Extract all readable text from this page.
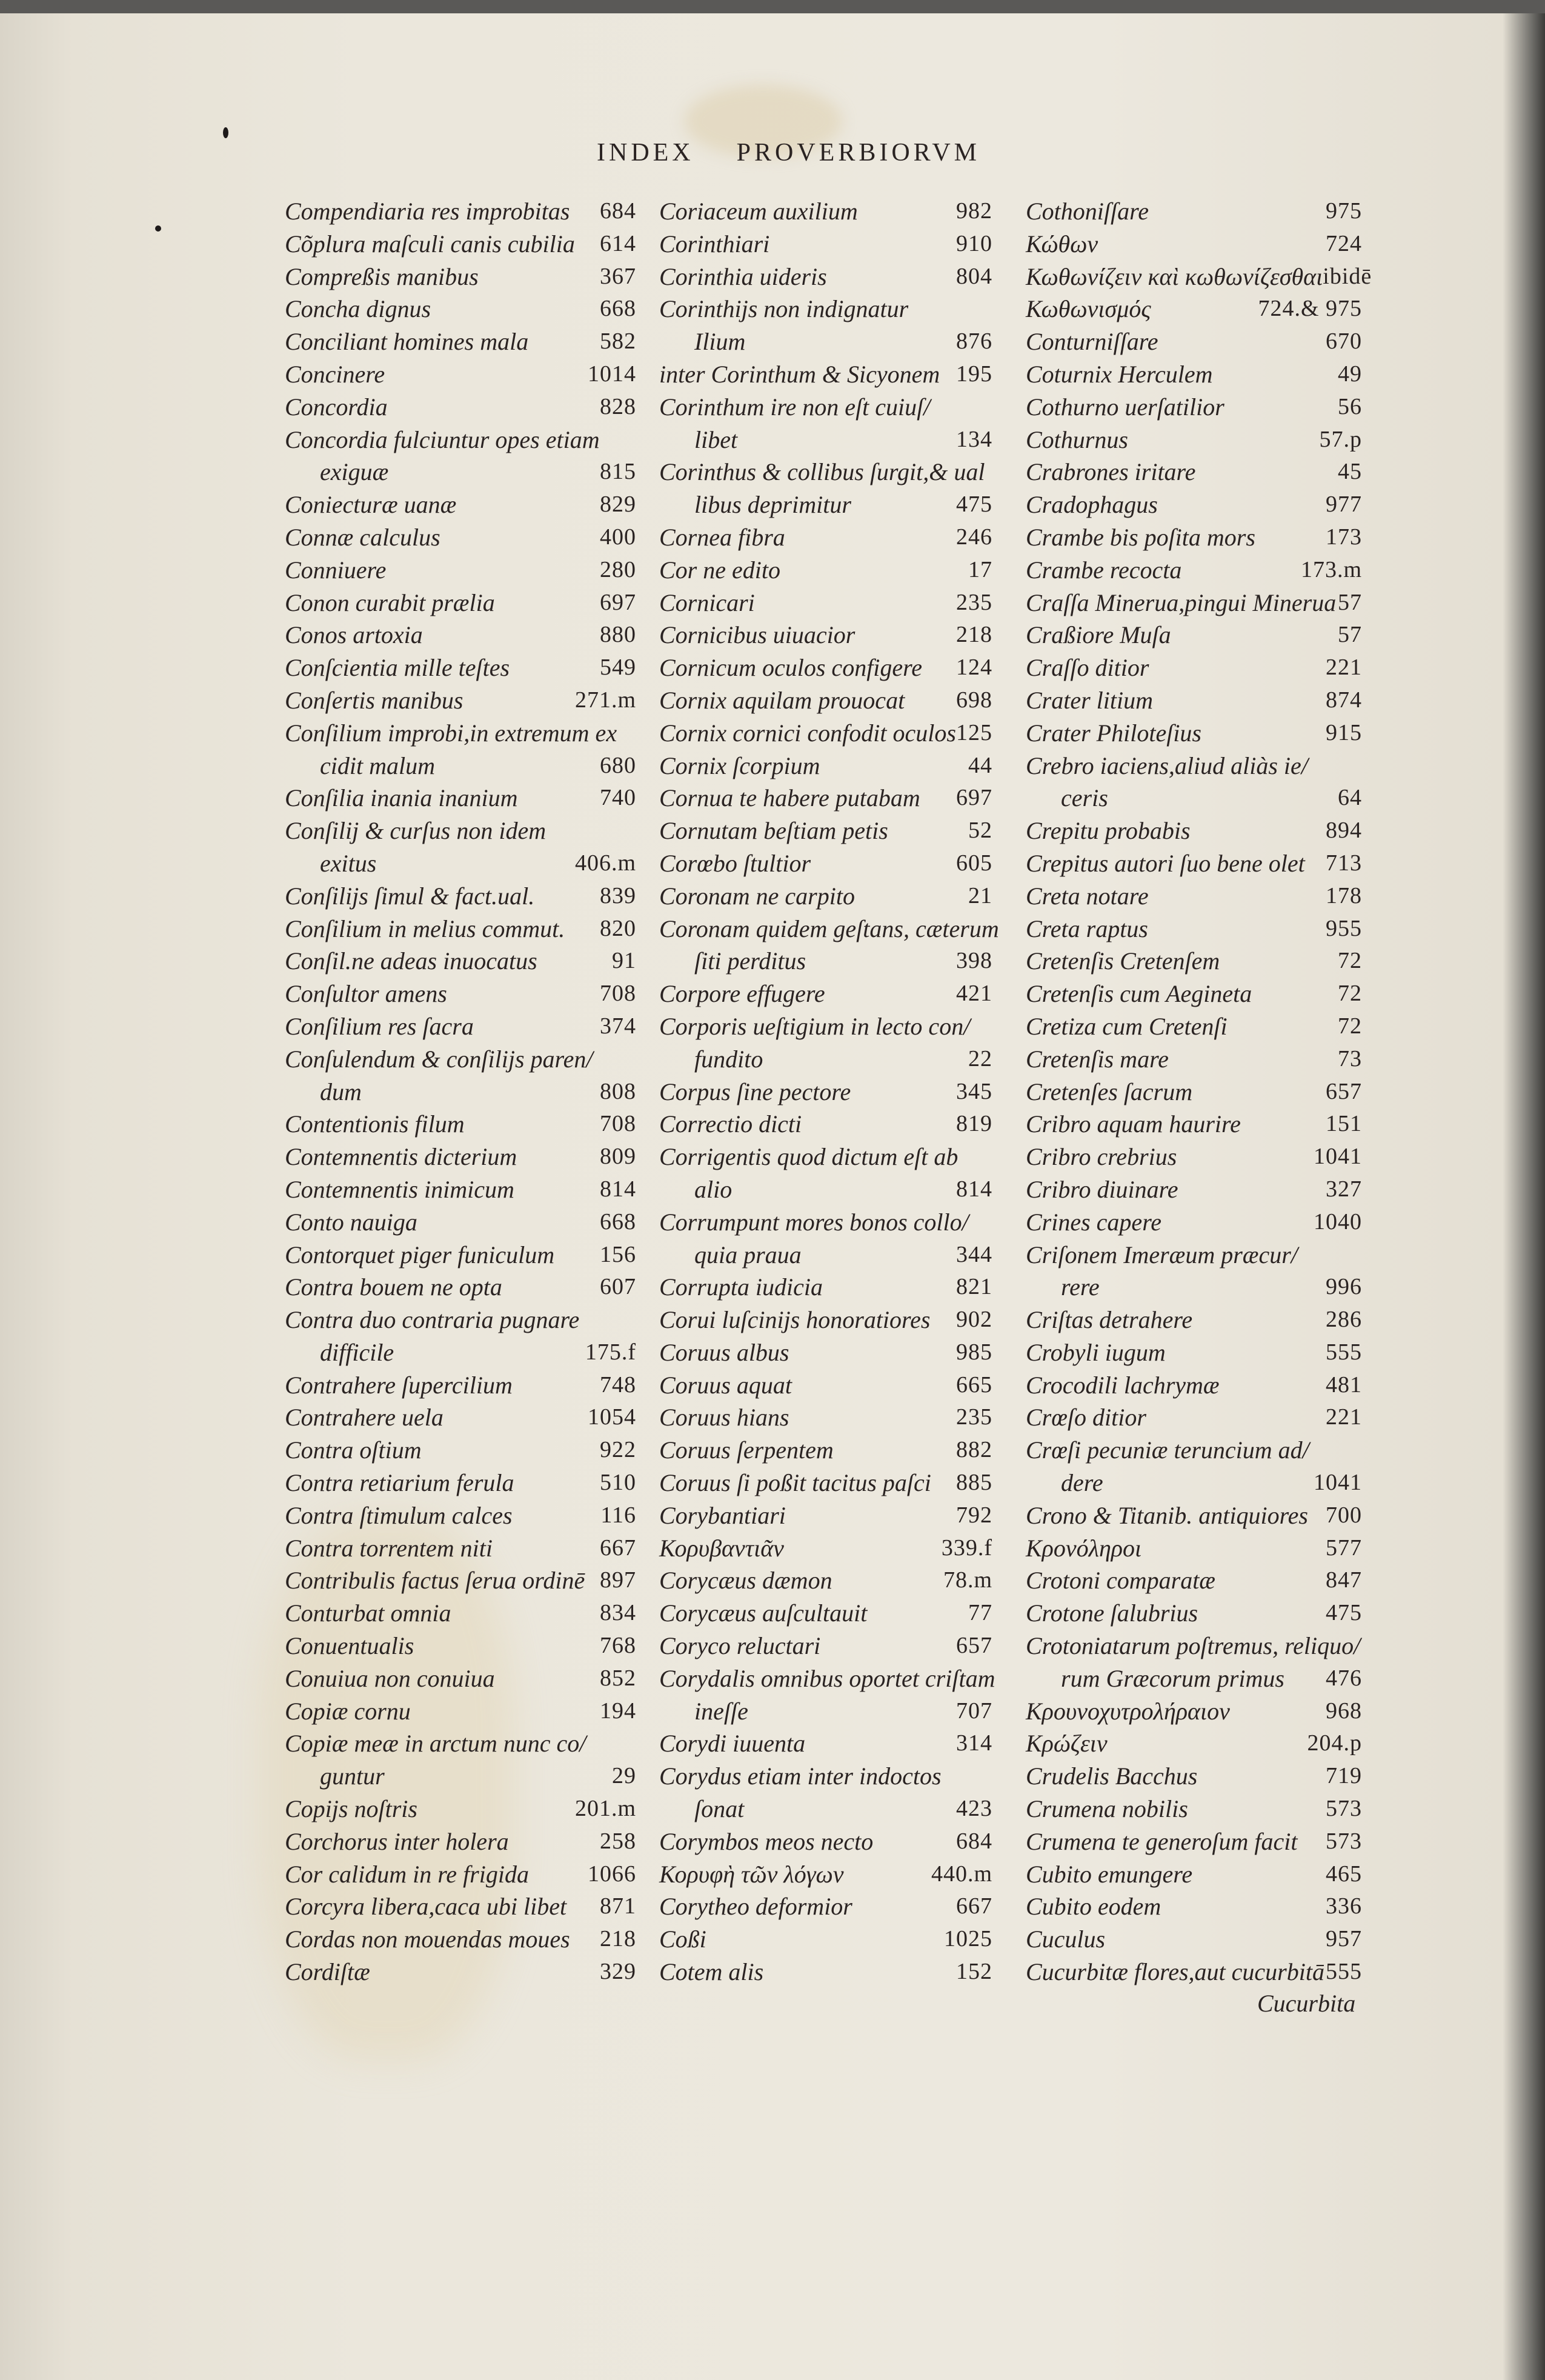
INDEX PROVERBIORVM
Compendiaria res improbitas 684
Cõplura maſculi canis cubilia 614
Compreßis manibus	367
Concha dignus	668
Conciliant homines mala	582
Concinere	1014
Concordia	828
Concordia fulciuntur opes etiam
exiguæ	815
Coniecturæ uanæ	829
Connæ calculus	400
Conniuere	280
Conon curabit prælia	697
Conos artoxia	880
Conſcientia mille teſtes	549
Conſertis manibus	271.m
Conſilium improbi,in extremum ex
cidit malum	680
Conſilia inania inanium	740
Conſilij & curſus non idem
exitus	406.m
Conſilijs ſimul & fact.ual.	839
Conſilium in melius commut. 820
Conſil.ne adeas inuocatus	91
Conſultor amens	708
Conſilium res ſacra	374
Conſulendum & conſilijs paren/
dum	808
Contentionis filum	708
Contemnentis dicterium	809
Contemnentis inimicum	814
Conto nauiga	668
Contorquet piger funiculum 156
Contra bouem ne opta	607
Contra duo contraria pugnare
difficile	175.f
Contrahere ſupercilium	748
Contrahere uela	1054
Contra oſtium	922
Contra retiarium ferula	510
Contra ſtimulum calces	116
Contra torrentem niti	667
Contribulis factus ſerua ordinē 897
Conturbat omnia	834
Conuentualis	768
Conuiua non conuiua	852
Copiæ cornu	194
Copiæ meæ in arctum nunc co/
guntur	29
Copijs noſtris	201.m
Corchorus inter holera	258
Cor calidum in re frigida	1066
Corcyra libera,caca ubi libet 871
Cordas non mouendas moues 218
Cordiſtæ	329
Coriaceum auxilium	982
Corinthiari	910
Corinthia uideris	804
Corinthijs non indignatur
Ilium	876
inter Corinthum & Sicyonem 195
Corinthum ire non eſt cuiuſ/
libet	134
Corinthus & collibus ſurgit,& ual
libus deprimitur	475
Cornea fibra	246
Cor ne edito	17
Cornicari	235
Cornicibus uiuacior	218
Cornicum oculos configere 124
Cornix aquilam prouocat 698
Cornix cornici confodit oculos 125
Cornix ſcorpium	44
Cornua te habere putabam 697
Cornutam beſtiam petis	52
Corœbo ſtultior	605
Coronam ne carpito	21
Coronam quidem geſtans, cæterum
ſiti perditus	398
Corpore effugere	421
Corporis ueſtigium in lecto con/
fundito	22
Corpus ſine pectore	345
Correctio dicti	819
Corrigentis quod dictum eſt ab
alio	814
Corrumpunt mores bonos collo/
quia praua	344
Corrupta iudicia	821
Corui luſcinijs honoratiores 902
Coruus albus	985
Coruus aquat	665
Coruus hians	235
Coruus ſerpentem	882
Coruus ſi poßit tacitus paſci 885
Corybantiari	792
Κορυβαντιᾶν	339.f
Corycæus dæmon	78.m
Corycæus auſcultauit	77
Coryco reluctari	657
Corydalis omnibus oportet criſtam
ineſſe	707
Corydi iuuenta	314
Corydus etiam inter indoctos
ſonat	423
Corymbos meos necto	684
Κορυφὴ τῶν λόγων	440.m
Corytheo deformior	667
Coßi	1025
Cotem alis	152
Cothoniſſare	975
Κώθων	724
Κωθωνίζειν καὶ κωθωνίζεσθαι ibidē
Κωθωνισμός	724.& 975
Conturniſſare	670
Coturnix Herculem	49
Cothurno uerſatilior	56
Cothurnus	57.p
Crabrones iritare	45
Cradophagus	977
Crambe bis poſita mors	173
Crambe recocta	173.m
Craſſa Minerua,pingui Minerua 57
Craßiore Muſa	57
Craſſo ditior	221
Crater litium	874
Crater Philoteſius	915
Crebro iaciens,aliud aliàs ie/
ceris	64
Crepitu probabis	894
Crepitus autori ſuo bene olet 713
Creta notare	178
Creta raptus	955
Cretenſis Cretenſem	72
Cretenſis cum Aegineta	72
Cretiza cum Cretenſi	72
Cretenſis mare	73
Cretenſes ſacrum	657
Cribro aquam haurire	151
Cribro crebrius	1041
Cribro diuinare	327
Crines capere	1040
Criſonem Imeræum præcur/
rere	996
Criſtas detrahere	286
Crobyli iugum	555
Crocodili lachrymæ	481
Crœſo ditior	221
Crœſi pecuniæ teruncium ad/
dere	1041
Crono & Titanib. antiquiores 700
Κρονόληροι	577
Crotoni comparatæ	847
Crotone ſalubrius	475
Crotoniatarum poſtremus, reliquo/
rum Græcorum primus 476
Κρουνοχυτρολήραιον	968
Κρώζειν	204.p
Crudelis Bacchus	719
Crumena nobilis	573
Crumena te generoſum facit 573
Cubito emungere	465
Cubito eodem	336
Cuculus	957
Cucurbitæ flores,aut cucurbitā 555
Cucurbita
